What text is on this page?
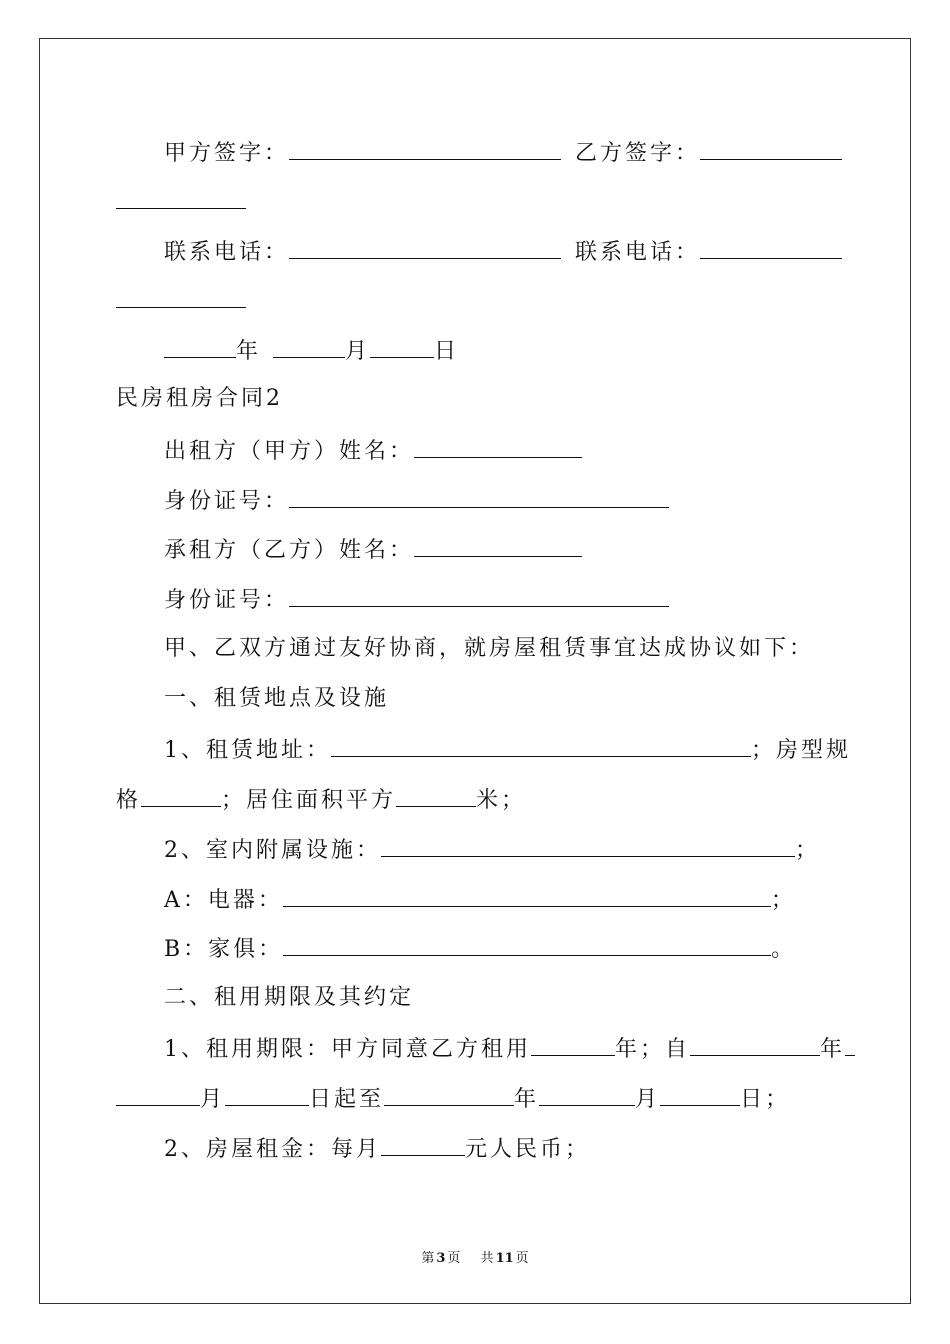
甲方签字：	乙方签字：
联系电话：	联系电话：
年	月	日
民房租房合同2
出租方（甲方）姓名：
身份证号：
承租方（乙方）姓名：
身份证号：
甲、乙双方通过友好协商，就房屋租赁事宜达成协议如下：
一、租赁地点及设施
1、租赁地址：	；房型规
格	；居住面积平方	米；
2、室内附属设施：	；
A：电器：	；
B：家俱：	。
二、租用期限及其约定
1、租用期限：甲方同意乙方租用	年；自	年
月	日起至	年	月	日；
2、房屋租金：每月	元人民币；
第 3 页 共 11 页
